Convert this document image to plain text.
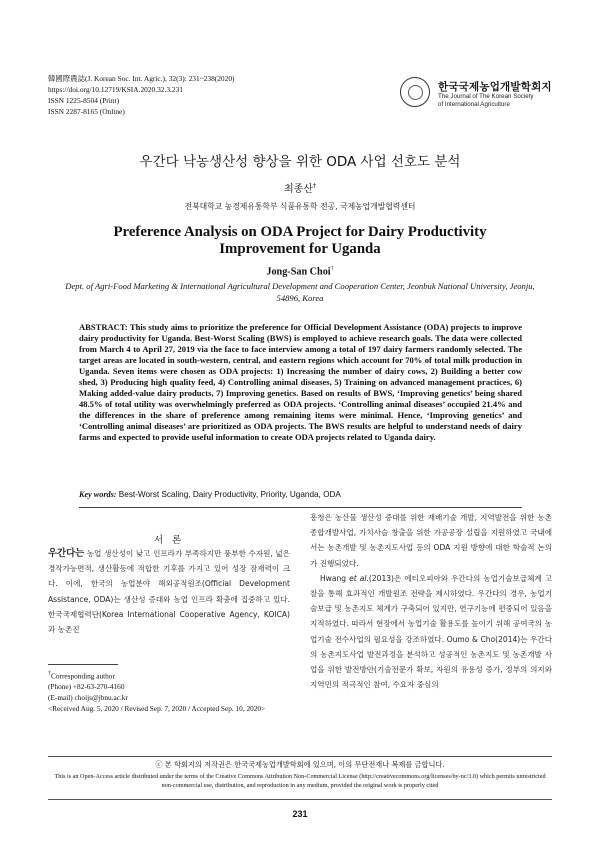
韓國際農誌(J. Korean Soc. Int. Agric.), 32(3): 231~238(2020)
https://doi.org/10.12719/KSIA.2020.32.3.231
ISSN 1225-8504 (Print)
ISSN 2287-8165 (Online)
한국국제농업개발학회지
The Journal of The Korean Society
of International Agriculture
우간다 낙농생산성 향상을 위한 ODA 사업 선호도 분석
최종산†
전북대학교 농경제유통학부 식품유통학 전공, 국제농업개발협력센터
Preference Analysis on ODA Project for Dairy Productivity Improvement for Uganda
Jong-San Choi†
Dept. of Agri-Food Marketing & International Agricultural Development and Cooperation Center, Jeonbuk National University, Jeonju, 54896, Korea
ABSTRACT: This study aims to prioritize the preference for Official Development Assistance (ODA) projects to improve dairy productivity for Uganda. Best-Worst Scaling (BWS) is employed to achieve research goals. The data were collected from March 4 to April 27, 2019 via the face to face interview among a total of 197 dairy farmers randomly selected. The target areas are located in south-western, central, and eastern regions which account for 70% of total milk production in Uganda. Seven items were chosen as ODA projects: 1) Increasing the number of dairy cows, 2) Building a better cow shed, 3) Producing high quality feed, 4) Controlling animal diseases, 5) Training on advanced management practices, 6) Making added-value dairy products, 7) Improving genetics. Based on results of BWS, ‘Improving genetics’ being shared 48.5% of total utility was overwhelmingly preferred as ODA projects. ‘Controlling animal diseases’ occupied 21.4% and the differences in the share of preference among remaining items were minimal. Hence, ‘Improving genetics’ and ‘Controlling animal diseases’ are prioritized as ODA projects. The BWS results are helpful to understand needs of dairy farms and expected to provide useful information to create ODA projects related to Uganda dairy.
Key words: Best-Worst Scaling, Dairy Productivity, Priority, Uganda, ODA
서 론
우간다는 농업 생산성이 낮고 인프라가 부족하지만 풍부한 수자원, 넓은 경작가능면적, 생산활동에 적합한 기후를 가지고 있어 성장 잠재력이 크다. 이에, 한국의 농업분야 해외공적원조(Official Development Assistance, ODA)는 생산성 증대와 농업 인프라 확충에 집중하고 있다. 한국국제협력단(Korea International Cooperative Agency, KOICA)과 농촌진
흥청은 농산물 생산성 증대를 위한 재배기술 개발, 지역발전을 위한 농촌종합개발사업, 가치사슬 창출을 위한 가공공장 설립을 지원하였고 국내에서는 농촌개발 및 농촌지도사업 등의 ODA 지원 방향에 대한 학술적 논의가 진행되었다.
Hwang et al.(2013)은 에티오피아와 우간다의 농업기술보급체계 고찰을 통해 효과적인 개발원조 전략을 제시하였다. 우간다의 경우, 농업기술보급 및 농촌지도 체계가 구축되어 있지만, 연구기능에 편중되어 있음을 지적하였다. 따라서 현장에서 농업기술 활용도를 높이기 위해 공여국의 농업기술 전수사업의 필요성을 강조하였다. Oumo & Cho(2014)는 우간다의 농촌지도사업 발전과정을 분석하고 성공적인 농촌지도 및 농촌개발 사업을 위한 발전방안(기술전문가 확보, 자원의 유용성 증가, 정부의 의지와 지역민의 적극적인 참여, 수요자 중심의

†Corresponding author

(Phone) +82-63-270-4160

(E-mail) choijs@jbnu.ac.kr

<Received Aug. 5, 2020 / Revised Sep. 7, 2020 / Accepted Sep. 10, 2020>

ⓒ 본 학회지의 저작권은 한국국제농업개발학회에 있으며, 이의 무단전재나 복제를 금합니다.
This is an Open-Access article distributed under the terms of the Creative Commons Attribution Non-Commercial License (http://creativecommons.org/licenses/by-nc/3.0) which permits unrestricted non-commercial use, distribution, and reproduction in any medium, provided the original work is properly cited
231
